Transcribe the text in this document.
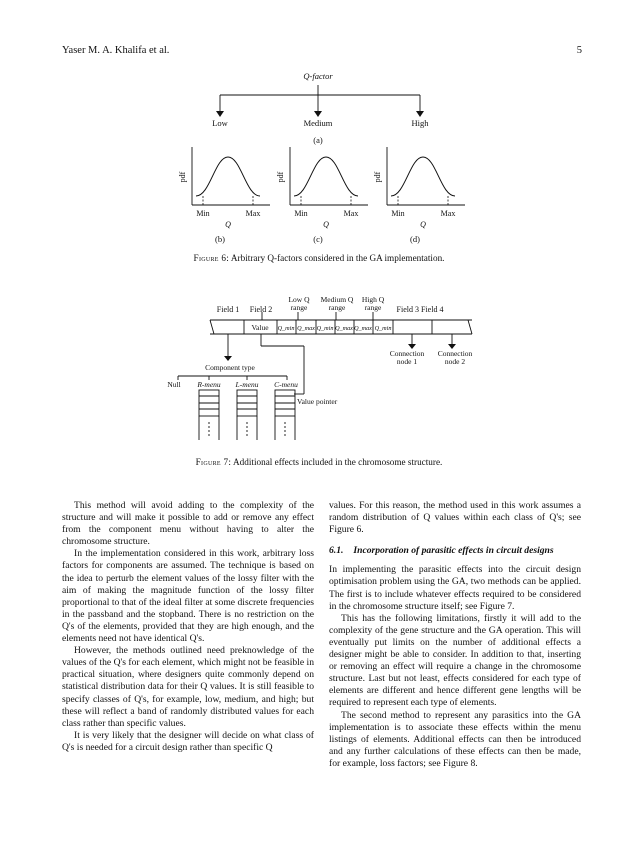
Yaser M. A. Khalifa et al.	5
Q-factor
Low	Medium	High
(a)
pdf
Min	Max
Q
(b)
pdf
Min	Max
Q
(c)
pdf
Min	Max
Q
(d)
Figure 6: Arbitrary Q-factors considered in the GA implementation.
Field 1 Field 2
Low Q
range
Medium Q
range
High Q
range Field 3 Field 4
Value Q_min Q_max Q_min Q_max Q_max Q_min
Connection
node 1
Connection
node 2
Component type
Null R-menu L-menu C-menu
Value pointer
Figure 7: Additional effects included in the chromosome structure.

This method will avoid adding to the complexity of the structure and will make it possible to add or remove any effect from the component menu without having to alter the chromosome structure.

In the implementation considered in this work, arbitrary loss factors for components are assumed. The technique is based on the idea to perturb the element values of the lossy filter with the aim of making the magnitude function of the lossy filter proportional to that of the ideal filter at some discrete frequencies in the passband and the stopband. There is no restriction on the Q's of the elements, provided that they are high enough, and the elements need not have identical Q's.

However, the methods outlined need preknowledge of the values of the Q's for each element, which might not be feasible in practical situation, where designers quite commonly depend on statistical distribution data for their Q values. It is still feasible to specify classes of Q's, for example, low, medium, and high; but these will reflect a band of randomly distributed values for each class rather than specific values.

It is very likely that the designer will decide on what class of Q's is needed for a circuit design rather than specific Q

values. For this reason, the method used in this work assumes a random distribution of Q values within each class of Q's; see Figure 6.

6.1. Incorporation of parasitic effects in circuit designs

In implementing the parasitic effects into the circuit design optimisation problem using the GA, two methods can be applied. The first is to include whatever effects required to be considered in the chromosome structure itself; see Figure 7.

This has the following limitations, firstly it will add to the complexity of the gene structure and the GA operation. This will eventually put limits on the number of additional effects a designer might be able to consider. In addition to that, inserting or removing an effect will require a change in the chromosome structure. Last but not least, effects considered for each type of elements are different and hence different gene lengths will be required to represent each type of elements.

The second method to represent any parasitics into the GA implementation is to associate these effects within the menu listings of elements. Additional effects can then be introduced and any further calculations of these effects can then be made, for example, loss factors; see Figure 8.
